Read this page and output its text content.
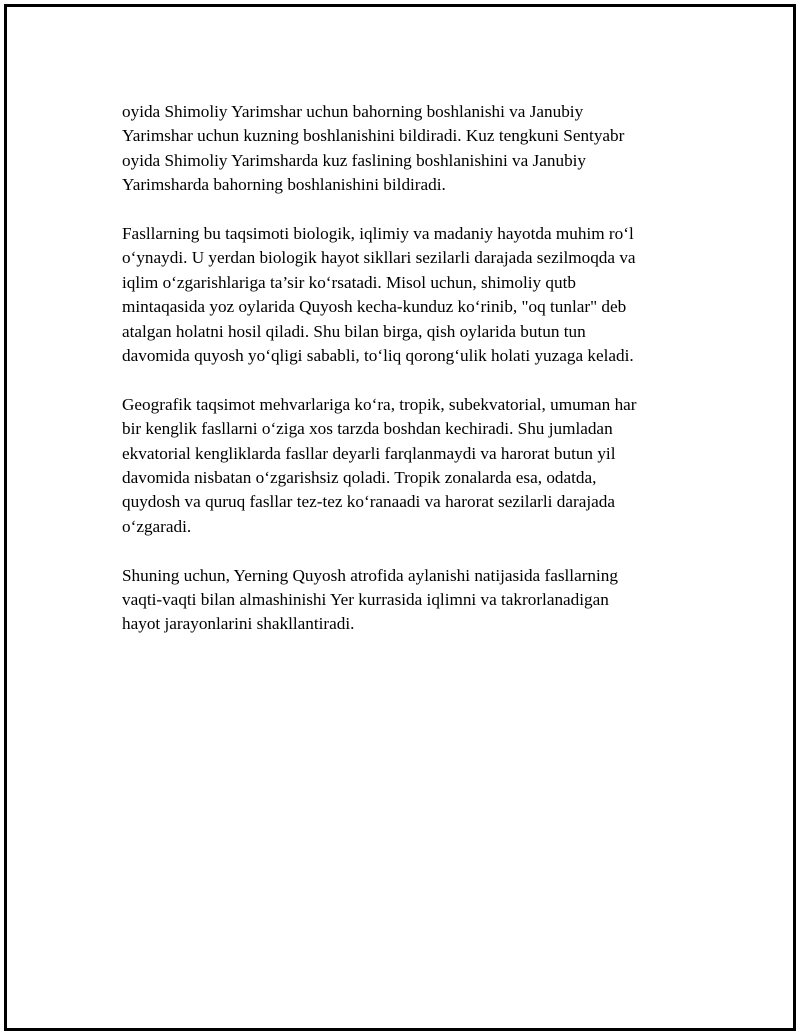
oyida Shimoliy Yarimshar uchun bahorning boshlanishi va Janubiy
Yarimshar uchun kuzning boshlanishini bildiradi. Kuz tengkuni Sentyabr
oyida Shimoliy Yarimsharda kuz faslining boshlanishini va Janubiy
Yarimsharda bahorning boshlanishini bildiradi.

Fasllarning bu taqsimoti biologik, iqlimiy va madaniy hayotda muhim ro‘l
o‘ynaydi. U yerdan biologik hayot sikllari sezilarli darajada sezilmoqda va
iqlim o‘zgarishlariga ta’sir ko‘rsatadi. Misol uchun, shimoliy qutb
mintaqasida yoz oylarida Quyosh kecha-kunduz ko‘rinib, "oq tunlar" deb
atalgan holatni hosil qiladi. Shu bilan birga, qish oylarida butun tun
davomida quyosh yo‘qligi sababli, to‘liq qorong‘ulik holati yuzaga keladi.

Geografik taqsimot mehvarlariga ko‘ra, tropik, subekvatorial, umuman har
bir kenglik fasllarni o‘ziga xos tarzda boshdan kechiradi. Shu jumladan
ekvatorial kengliklarda fasllar deyarli farqlanmaydi va harorat butun yil
davomida nisbatan o‘zgarishsiz qoladi. Tropik zonalarda esa, odatda,
quydosh va quruq fasllar tez-tez ko‘ranaadi va harorat sezilarli darajada
o‘zgaradi.

Shuning uchun, Yerning Quyosh atrofida aylanishi natijasida fasllarning
vaqti-vaqti bilan almashinishi Yer kurrasida iqlimni va takrorlanadigan
hayot jarayonlarini shakllantiradi.
